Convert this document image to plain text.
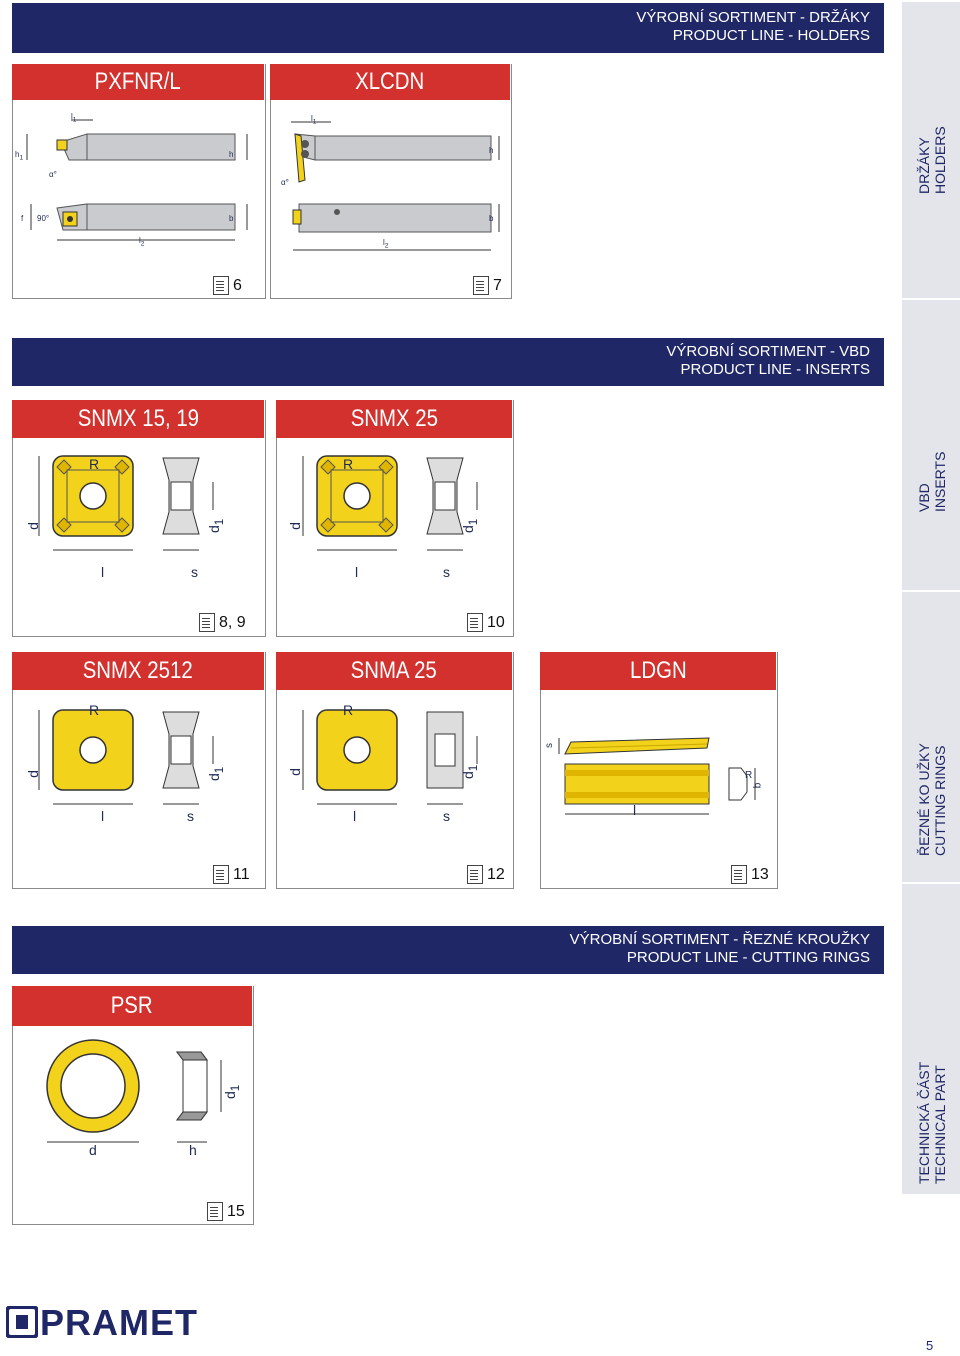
DRŽÁKY HOLDERS
VBD INSERTS
ŘEZNÉ KO UŽKY CUTTING RINGS
TECHNICKÁ ČÁST TECHNICAL PART
VÝROBNÍ SORTIMENT - DRŽÁKY
PRODUCT LINE - HOLDERS
$l_1$
$h_1$	h
α°
f 90°	b
$l_2$
6
PXFNR/L
$l_1$
h
α°
b
$l_2$
7
XLCDN
VÝROBNÍ SORTIMENT - VBD
PRODUCT LINE - INSERTS
R
d	$d_1$
l	s
8, 9
SNMX 15, 19
R
d	$d_1$
l	s
10
SNMX 25
R
d	$d_1$
l	s
11
SNMX 2512
R
d	$d_1$
l	s
12
SNMA 25
s
l
R
b
13
LDGN
VÝROBNÍ SORTIMENT - ŘEZNÉ KROUŽKY
PRODUCT LINE - CUTTING RINGS
d	h
$d_1$
15
PSR
PRAMET
5
